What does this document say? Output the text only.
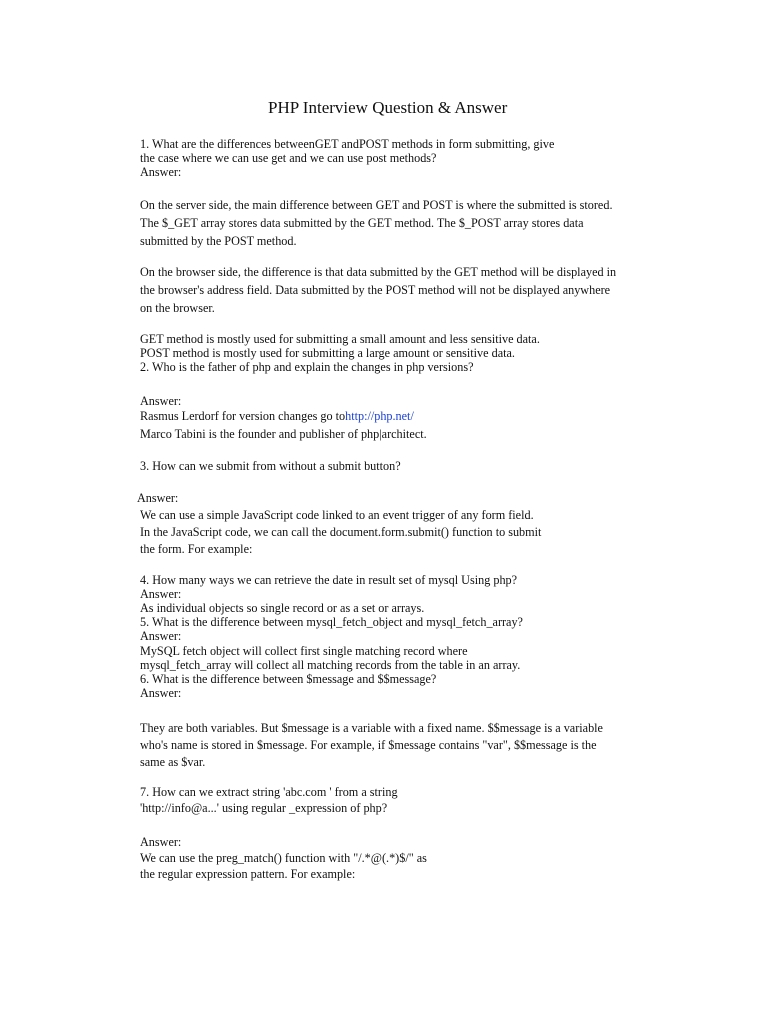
PHP Interview Question & Answer
1. What are the differences betweenGET andPOST methods in form submitting, give
the case where we can use get and we can use post methods?
Answer:
On the server side, the main difference between GET and POST is where the submitted is stored.
The $_GET array stores data submitted by the GET method. The $_POST array stores data
submitted by the POST method.
On the browser side, the difference is that data submitted by the GET method will be displayed in
the browser's address field. Data submitted by the POST method will not be displayed anywhere
on the browser.
GET method is mostly used for submitting a small amount and less sensitive data.
POST method is mostly used for submitting a large amount or sensitive data.
2. Who is the father of php and explain the changes in php versions?
Answer:
Rasmus Lerdorf for version changes go tohttp://php.net/
Marco Tabini is the founder and publisher of php|architect.
3. How can we submit from without a submit button?
Answer:
We can use a simple JavaScript code linked to an event trigger of any form field.
In the JavaScript code, we can call the document.form.submit() function to submit
the form. For example:
4. How many ways we can retrieve the date in result set of mysql Using php?
Answer:
As individual objects so single record or as a set or arrays.
5. What is the difference between mysql_fetch_object and mysql_fetch_array?
Answer:
MySQL fetch object will collect first single matching record where
mysql_fetch_array will collect all matching records from the table in an array.
6. What is the difference between $message and $$message?
Answer:
They are both variables. But $message is a variable with a fixed name. $$message is a variable
who's name is stored in $message. For example, if $message contains "var", $$message is the
same as $var.
7. How can we extract string 'abc.com ' from a string
'http://info@a...' using regular _expression of php?
Answer:
We can use the preg_match() function with "/.*@(.*)$/" as
the regular expression pattern. For example:
